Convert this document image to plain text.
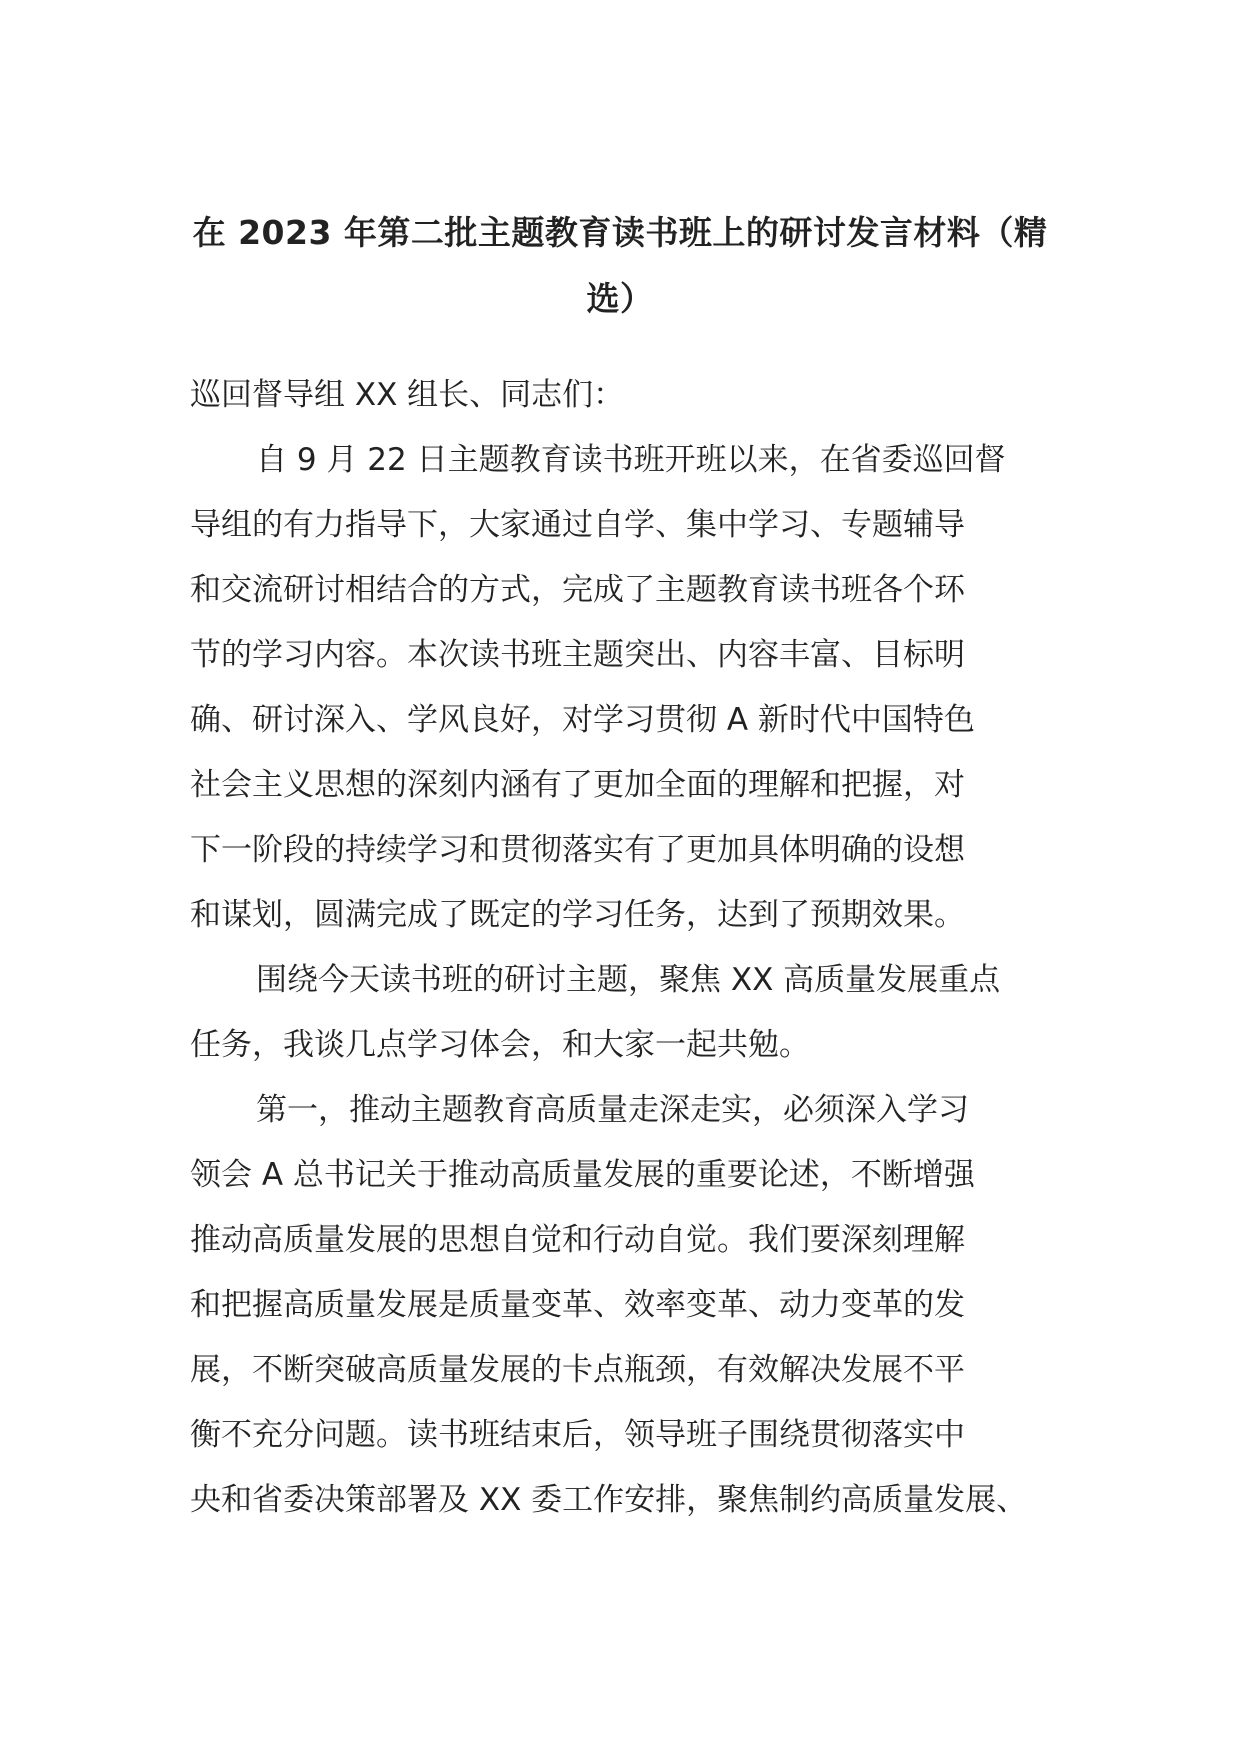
在 2023 年第二批主题教育读书班上的研讨发言材料（精
选）
巡回督导组 XX 组长、同志们：
自 9 月 22 日主题教育读书班开班以来，在省委巡回督
导组的有力指导下，大家通过自学、集中学习、专题辅导
和交流研讨相结合的方式，完成了主题教育读书班各个环
节的学习内容。本次读书班主题突出、内容丰富、目标明
确、研讨深入、学风良好，对学习贯彻 A 新时代中国特色
社会主义思想的深刻内涵有了更加全面的理解和把握，对
下一阶段的持续学习和贯彻落实有了更加具体明确的设想
和谋划，圆满完成了既定的学习任务，达到了预期效果。
围绕今天读书班的研讨主题，聚焦 XX 高质量发展重点
任务，我谈几点学习体会，和大家一起共勉。
第一，推动主题教育高质量走深走实，必须深入学习
领会 A 总书记关于推动高质量发展的重要论述，不断增强
推动高质量发展的思想自觉和行动自觉。我们要深刻理解
和把握高质量发展是质量变革、效率变革、动力变革的发
展，不断突破高质量发展的卡点瓶颈，有效解决发展不平
衡不充分问题。读书班结束后，领导班子围绕贯彻落实中
央和省委决策部署及 XX 委工作安排，聚焦制约高质量发展、
